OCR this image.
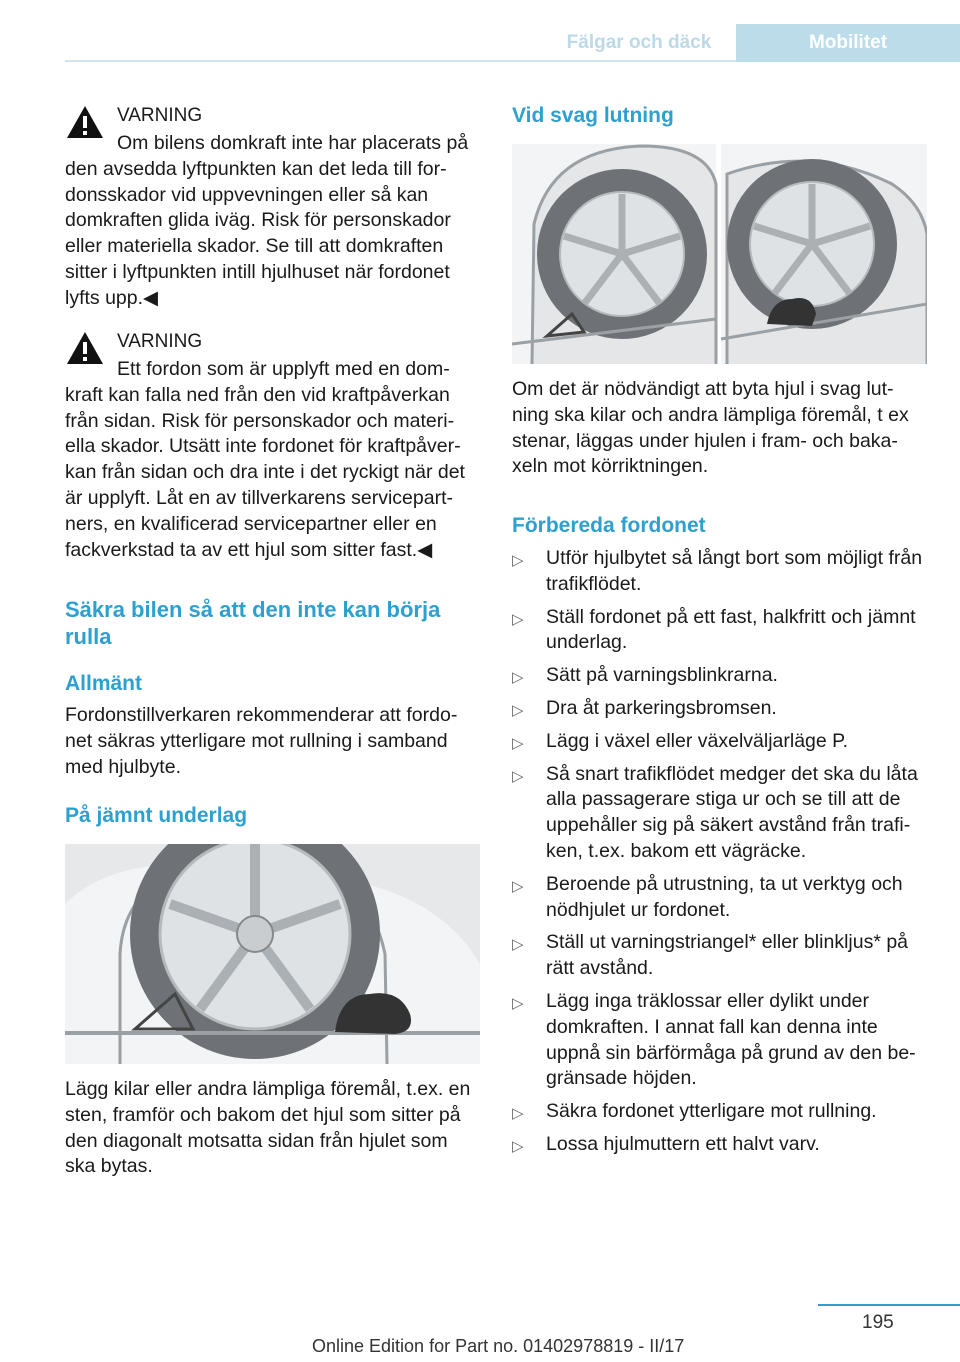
Fälgar och däck	Mobilitet
VARNING

Om bilens domkraft inte har placerats på den avsedda lyftpunkten kan det leda till for‐donsskador vid uppvevningen eller så kan domkraften glida iväg. Risk för personskador eller materiella skador. Se till att domkraften sitter i lyftpunkten intill hjulhuset när fordonet lyfts upp.◀

VARNING

Ett fordon som är upplyft med en dom‐kraft kan falla ned från den vid kraftpåverkan från sidan. Risk för personskador och materi‐ella skador. Utsätt inte fordonet för kraftpåver‐kan från sidan och dra inte i det ryckigt när det är upplyft. Låt en av tillverkarens servicepart‐ners, en kvalificerad servicepartner eller en fackverkstad ta av ett hjul som sitter fast.◀

Säkra bilen så att den inte kan börja rulla
Allmänt

Fordonstillverkaren rekommenderar att fordo‐net säkras ytterligare mot rullning i samband med hjulbyte.

På jämnt underlag

Lägg kilar eller andra lämpliga föremål, t.ex. en sten, framför och bakom det hjul som sitter på den diagonalt motsatta sidan från hjulet som ska bytas.

Vid svag lutning

Om det är nödvändigt att byta hjul i svag lut‐ning ska kilar och andra lämpliga föremål, t ex stenar, läggas under hjulen i fram- och baka‐xeln mot körriktningen.

Förbereda fordonet
▷ Utför hjulbytet så långt bort som möjligt från trafikflödet.
▷ Ställ fordonet på ett fast, halkfritt och jämnt underlag.
▷ Sätt på varningsblinkrarna.
▷ Dra åt parkeringsbromsen.
▷ Lägg i växel eller växelväljarläge P.
▷ Så snart trafikflödet medger det ska du låta alla passagerare stiga ur och se till att de uppehåller sig på säkert avstånd från trafi‐ken, t.ex. bakom ett vägräcke.
▷ Beroende på utrustning, ta ut verktyg och nödhjulet ur fordonet.
▷ Ställ ut varningstriangel* eller blinkljus* på rätt avstånd.
▷ Lägg inga träklossar eller dylikt under domkraften. I annat fall kan denna inte uppnå sin bärförmåga på grund av den be‐gränsade höjden.
▷ Säkra fordonet ytterligare mot rullning.
▷ Lossa hjulmuttern ett halvt varv.
195
Online Edition for Part no. 01402978819 - II/17
